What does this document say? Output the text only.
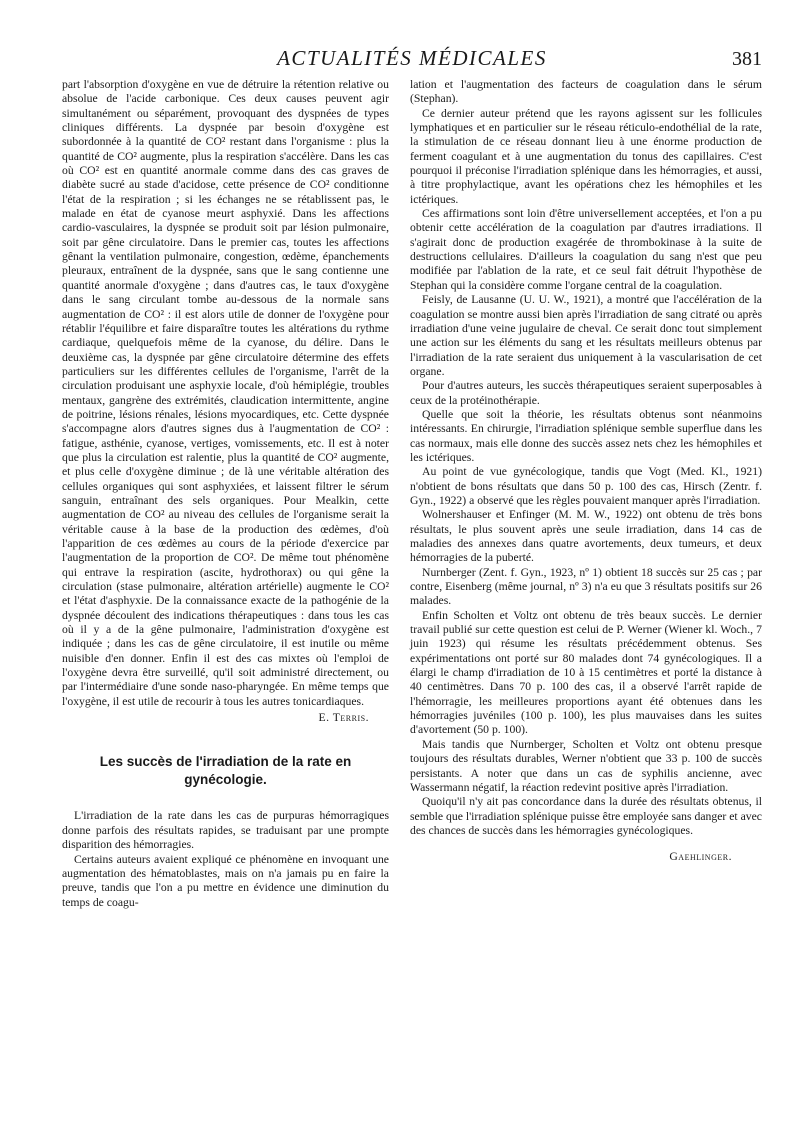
ACTUALITÉS MÉDICALES	381

part l'absorption d'oxygène en vue de détruire la rétention relative ou absolue de l'acide carbonique. Ces deux causes peuvent agir simultanément ou séparément, provoquant des dyspnées de types cliniques différents. La dyspnée par besoin d'oxygène est subordonnée à la quantité de CO² restant dans l'organisme : plus la quantité de CO² augmente, plus la respiration s'accélère. Dans les cas où CO² est en quantité anormale comme dans des cas graves de diabète sucré au stade d'acidose, cette présence de CO² conditionne l'état de la respiration ; si les échanges ne se rétablissent pas, le malade en état de cyanose meurt asphyxié. Dans les affections cardio-vasculaires, la dyspnée se produit soit par lésion pulmonaire, soit par gêne circulatoire. Dans le premier cas, toutes les affections gênant la ventilation pulmonaire, congestion, œdème, épanchements pleuraux, entraînent de la dyspnée, sans que le sang contienne une quantité anormale d'oxygène ; dans d'autres cas, le taux d'oxygène dans le sang circulant tombe au-dessous de la normale sans augmentation de CO² : il est alors utile de donner de l'oxygène pour rétablir l'équilibre et faire disparaître toutes les altérations du rythme cardiaque, quelquefois même de la cyanose, du délire. Dans le deuxième cas, la dyspnée par gêne circulatoire détermine des effets particuliers sur les différentes cellules de l'organisme, l'arrêt de la circulation produisant une asphyxie locale, d'où hémiplégie, troubles mentaux, gangrène des extrémités, claudication intermittente, angine de poitrine, lésions rénales, lésions myocardiques, etc. Cette dyspnée s'accompagne alors d'autres signes dus à l'augmentation de CO² : fatigue, asthénie, cyanose, vertiges, vomissements, etc. Il est à noter que plus la circulation est ralentie, plus la quantité de CO² augmente, et plus celle d'oxygène diminue ; de là une véritable altération des cellules organiques qui sont asphyxiées, et laissent filtrer le sérum sanguin, entraînant des sels organiques. Pour Mealkin, cette augmentation de CO² au niveau des cellules de l'organisme serait la véritable cause à la base de la production des œdèmes, d'où l'apparition de ces œdèmes au cours de la période d'exercice par l'augmentation de la proportion de CO². De même tout phénomène qui entrave la respiration (ascite, hydrothorax) ou qui gêne la circulation (stase pulmonaire, altération artérielle) augmente le CO² et l'état d'asphyxie. De la connaissance exacte de la pathogénie de la dyspnée découlent des indications thérapeutiques : dans tous les cas où il y a de la gêne pulmonaire, l'administration d'oxygène est indiquée ; dans les cas de gêne circulatoire, il est inutile ou même nuisible d'en donner. Enfin il est des cas mixtes où l'emploi de l'oxygène devra être surveillé, qu'il soit administré directement, ou par l'intermédiaire d'une sonde naso-pharyngée. En même temps que l'oxygène, il est utile de recourir à tous les autres tonicardiaques.

E. Terris.

Les succès de l'irradiation de la rate en gynécologie.

L'irradiation de la rate dans les cas de purpuras hémorragiques donne parfois des résultats rapides, se traduisant par une prompte disparition des hémorragies.

Certains auteurs avaient expliqué ce phénomène en invoquant une augmentation des hématoblastes, mais on n'a jamais pu en faire la preuve, tandis que l'on a pu mettre en évidence une diminution du temps de coagu-

lation et l'augmentation des facteurs de coagulation dans le sérum (Stephan).

Ce dernier auteur prétend que les rayons agissent sur les follicules lymphatiques et en particulier sur le réseau réticulo-endothélial de la rate, la stimulation de ce réseau donnant lieu à une énorme production de ferment coagulant et à une augmentation du tonus des capillaires. C'est pourquoi il préconise l'irradiation splénique dans les hémorragies, et aussi, à titre prophylactique, avant les opérations chez les hémophiles et les ictériques.

Ces affirmations sont loin d'être universellement acceptées, et l'on a pu obtenir cette accélération de la coagulation par d'autres irradiations. Il s'agirait donc de production exagérée de thrombokinase à la suite de destructions cellulaires. D'ailleurs la coagulation du sang n'est que peu modifiée par l'ablation de la rate, et ce seul fait détruit l'hypothèse de Stephan qui la considère comme l'organe central de la coagulation.

Feisly, de Lausanne (U. U. W., 1921), a montré que l'accélération de la coagulation se montre aussi bien après l'irradiation de sang citraté ou après irradiation d'une veine jugulaire de cheval. Ce serait donc tout simplement une action sur les éléments du sang et les résultats meilleurs obtenus par l'irradiation de la rate seraient dus uniquement à la vascularisation de cet organe.

Pour d'autres auteurs, les succès thérapeutiques seraient superposables à ceux de la protéinothérapie.

Quelle que soit la théorie, les résultats obtenus sont néanmoins intéressants. En chirurgie, l'irradiation splénique semble superflue dans les cas normaux, mais elle donne des succès assez nets chez les hémophiles et les ictériques.

Au point de vue gynécologique, tandis que Vogt (Med. Kl., 1921) n'obtient de bons résultats que dans 50 p. 100 des cas, Hirsch (Zentr. f. Gyn., 1922) a observé que les règles pouvaient manquer après l'irradiation.

Wolnershauser et Enfinger (M. M. W., 1922) ont obtenu de très bons résultats, le plus souvent après une seule irradiation, dans 14 cas de maladies des annexes dans quatre avortements, deux tumeurs, et deux hémorragies de la puberté.

Nurnberger (Zent. f. Gyn., 1923, nº 1) obtient 18 succès sur 25 cas ; par contre, Eisenberg (même journal, nº 3) n'a eu que 3 résultats positifs sur 26 malades.

Enfin Scholten et Voltz ont obtenu de très beaux succès. Le dernier travail publié sur cette question est celui de P. Werner (Wiener kl. Woch., 7 juin 1923) qui résume les résultats précédemment obtenus. Ses expérimentations ont porté sur 80 malades dont 74 gynécologiques. Il a élargi le champ d'irradiation de 10 à 15 centimètres et porté la distance à 40 centimètres. Dans 70 p. 100 des cas, il a observé l'arrêt rapide de l'hémorragie, les meilleures proportions ayant été obtenues dans les hémorragies juvéniles (100 p. 100), les plus mauvaises dans les suites d'avortement (50 p. 100).

Mais tandis que Nurnberger, Scholten et Voltz ont obtenu presque toujours des résultats durables, Werner n'obtient que 33 p. 100 de succès persistants. A noter que dans un cas de syphilis ancienne, avec Wassermann négatif, la réaction redevint positive après l'irradiation.

Quoiqu'il n'y ait pas concordance dans la durée des résultats obtenus, il semble que l'irradiation splénique puisse être employée sans danger et avec des chances de succès dans les hémorragies gynécologiques.

Gaehlinger.
